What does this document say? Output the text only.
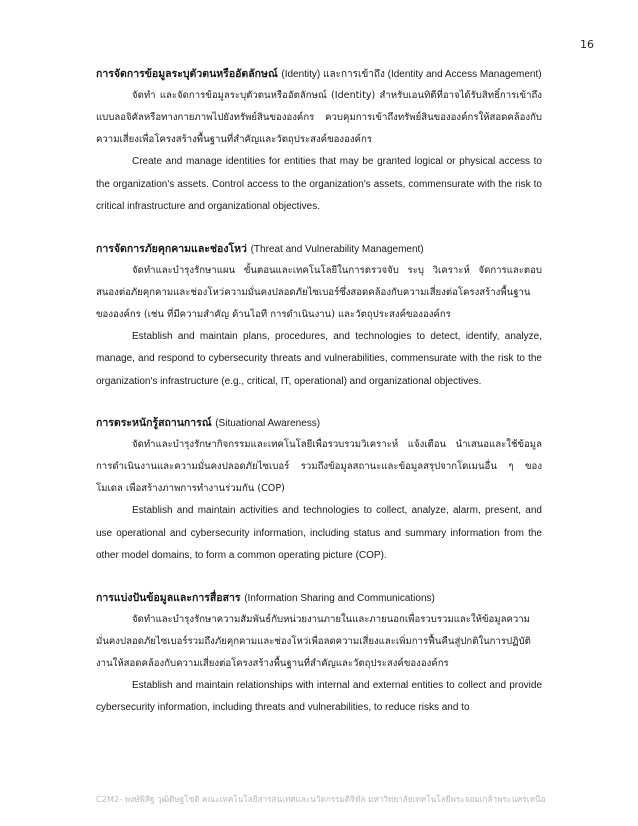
16

การจัดการข้อมูลระบุตัวตนหรืออัตลักษณ์ (Identity) และการเข้าถึง (Identity and Access Management)

จัดทำ และจัดการข้อมูลระบุตัวตนหรืออัตลักษณ์ (Identity) สำหรับเอนทิตีที่อาจได้รับสิทธิ์การเข้าถึงแบบลอจิคัลหรือทางกายภาพไปยังทรัพย์สินขององค์กร ควบคุมการเข้าถึงทรัพย์สินขององค์กรให้สอดคล้องกับความเสี่ยงเพื่อโครงสร้างพื้นฐานที่สำคัญและวัตถุประสงค์ขององค์กร

Create and manage identities for entities that may be granted logical or physical access to the organization's assets. Control access to the organization's assets, commensurate with the risk to critical infrastructure and organizational objectives.

การจัดการภัยคุกคามและช่องโหว่ (Threat and Vulnerability Management)

จัดทำและบำรุงรักษาแผน ขั้นตอนและเทคโนโลยีในการตรวจจับ ระบุ วิเคราะห์ จัดการและตอบสนองต่อภัยคุกคามและช่องโหว่ความมั่นคงปลอดภัยไซเบอร์ซึ่งสอดคล้องกับความเสี่ยงต่อโครงสร้างพื้นฐานขององค์กร (เช่น ที่มีความสำคัญ ด้านไอที การดำเนินงาน) และวัตถุประสงค์ขององค์กร

Establish and maintain plans, procedures, and technologies to detect, identify, analyze, manage, and respond to cybersecurity threats and vulnerabilities, commensurate with the risk to the organization's infrastructure (e.g., critical, IT, operational) and organizational objectives.

การตระหนักรู้สถานการณ์ (Situational Awareness)

จัดทำและบำรุงรักษากิจกรรมและเทคโนโลยีเพื่อรวบรวมวิเคราะห์ แจ้งเตือน นำเสนอและใช้ข้อมูลการดำเนินงานและความมั่นคงปลอดภัยไซเบอร์ รวมถึงข้อมูลสถานะและข้อมูลสรุปจากโดเมนอื่น ๆ ของโมเดล เพื่อสร้างภาพการทำงานร่วมกัน (COP)

Establish and maintain activities and technologies to collect, analyze, alarm, present, and use operational and cybersecurity information, including status and summary information from the other model domains, to form a common operating picture (COP).

การแบ่งปันข้อมูลและการสื่อสาร (Information Sharing and Communications)

จัดทำและบำรุงรักษาความสัมพันธ์กับหน่วยงานภายในและภายนอกเพื่อรวบรวมและให้ข้อมูลความมั่นคงปลอดภัยไซเบอร์รวมถึงภัยคุกคามและช่องโหว่เพื่อลดความเสี่ยงและเพิ่มการฟื้นคืนสู่ปกติในการปฏิบัติงานให้สอดคล้องกับความเสี่ยงต่อโครงสร้างพื้นฐานที่สำคัญและวัตถุประสงค์ขององค์กร

Establish and maintain relationships with internal and external entities to collect and provide cybersecurity information, including threats and vulnerabilities, to reduce risks and to

C2M2- พงษ์พิสิฐ วุฒิดิษฐโชติ คณะเทคโนโลยีสารสนเทศและนวัตกรรมดิจิทัล มหาวิทยาลัยเทคโนโลยีพระจอมเกล้าพระนครเหนือ
